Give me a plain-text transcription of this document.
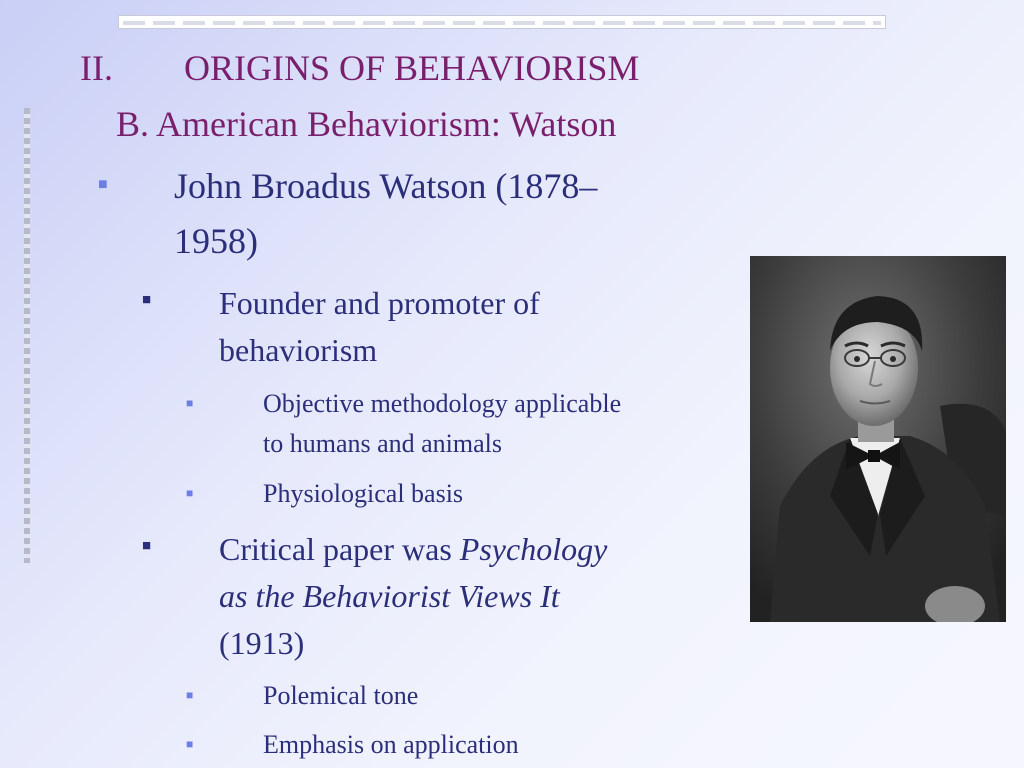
II. ORIGINS OF BEHAVIORISM
B. American Behaviorism: Watson
■ John Broadus Watson (1878–
1958)
■ Founder and promoter of
behaviorism
■	Objective methodology applicable
to humans and animals
■	Physiological basis
■ Critical paper was Psychology
as the Behaviorist Views It
(1913)
■	Polemical tone
■	Emphasis on application
